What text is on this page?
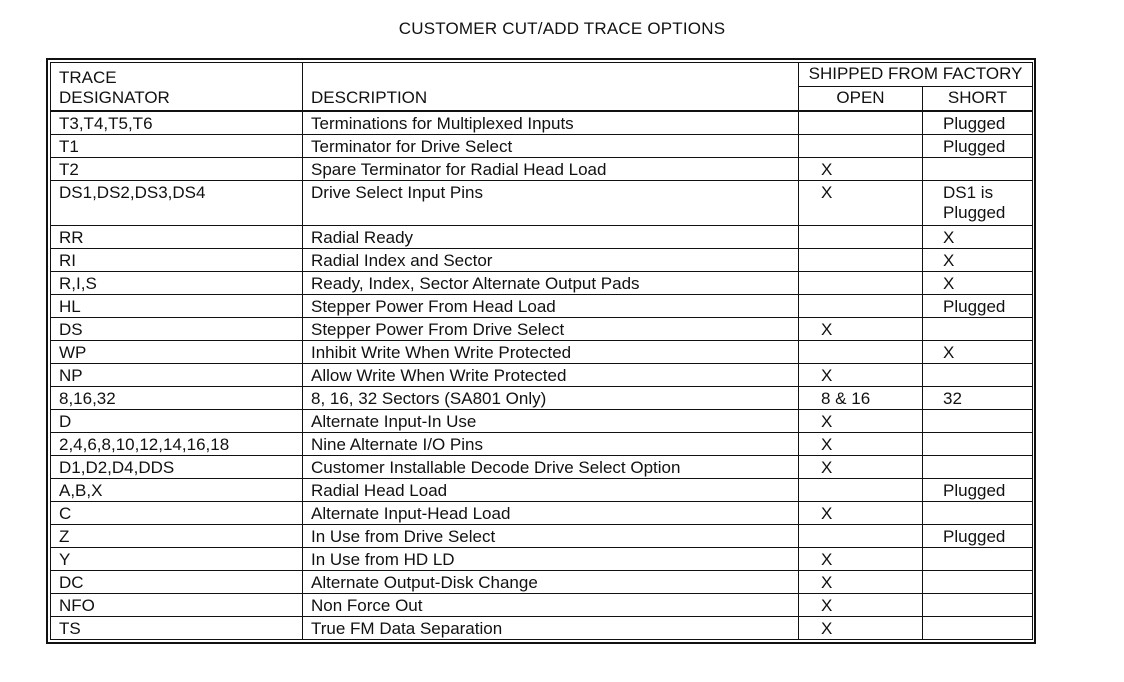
CUSTOMER CUT/ADD TRACE OPTIONS
TRACE
DESIGNATOR	DESCRIPTION	SHIPPED FROM FACTORY	
		OPEN	SHORT
T3,T4,T5,T6	Terminations for Multiplexed Inputs		Plugged
T1	Terminator for Drive Select		Plugged
T2	Spare Terminator for Radial Head Load	X	
DS1,DS2,DS3,DS4	Drive Select Input Pins	X	DS1 is Plugged
RR	Radial Ready		X
RI	Radial Index and Sector		X
R,I,S	Ready, Index, Sector Alternate Output Pads		X
HL	Stepper Power From Head Load		Plugged
DS	Stepper Power From Drive Select	X	
WP	Inhibit Write When Write Protected		X
NP	Allow Write When Write Protected	X	
8,16,32	8, 16, 32 Sectors (SA801 Only)	8 & 16	32
D	Alternate Input-In Use	X	
2,4,6,8,10,12,14,16,18	Nine Alternate I/O Pins	X	
D1,D2,D4,DDS	Customer Installable Decode Drive Select Option	X	
A,B,X	Radial Head Load		Plugged
C	Alternate Input-Head Load	X	
Z	In Use from Drive Select		Plugged
Y	In Use from HD LD	X	
DC	Alternate Output-Disk Change	X	
NFO	Non Force Out	X	
TS	True FM Data Separation	X	
